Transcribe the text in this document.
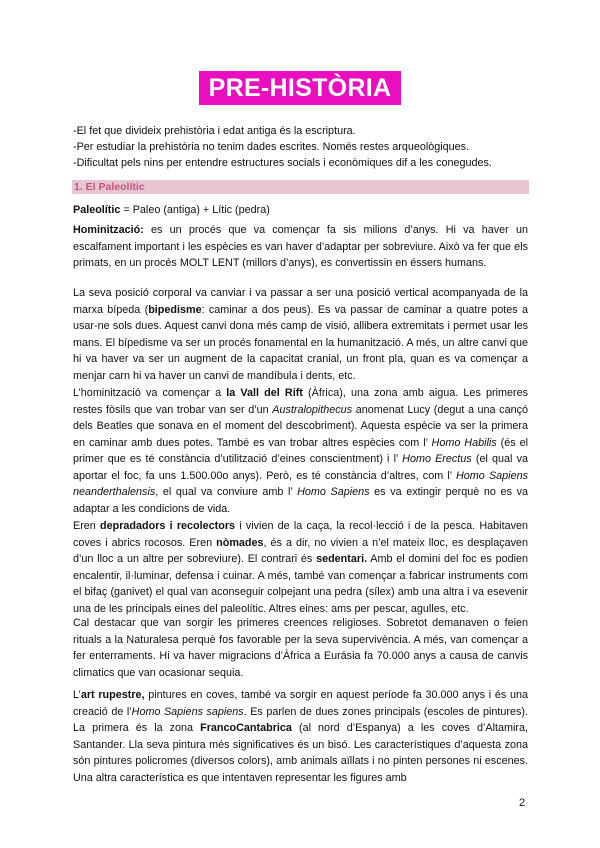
PRE-HISTÒRIA
-El fet que divideix prehistòria i edat antiga és la escriptura.
-Per estudiar la prehistòria no tenim dades escrites. Només restes arqueològiques.
-Dificultat pels nins per entendre estructures socials i econòmiques dif a les conegudes.
1. El Paleolític

Paleolític = Paleo (antiga) + Lític (pedra)

Hominització: es un procés que va començar fa sis milions d’anys. Hi va haver un escalfament important i les espècies es van haver d’adaptar per sobreviure. Això va fer que els primats, en un procés MOLT LENT (millors d’anys), es convertissin en éssers humans.

La seva posició corporal va canviar i va passar a ser una posició vertical acompanyada de la marxa bípeda (bipedisme: caminar a dos peus). Es va passar de caminar a quatre potes a usar-ne sols dues. Aquest canvi dona més camp de visió, allibera extremitats i permet usar les mans. El bípedisme va ser un procés fonamental en la humanització. A més, un altre canvi que hi va haver va ser un augment de la capacitat cranial, un front pla, quan es va començar a menjar carn hi va haver un canvi de mandíbula i dents, etc.

L’hominització va començar a la Vall del Rift (Àfrica), una zona amb aigua. Les primeres restes fòsils que van trobar van ser d’un Australopithecus anomenat Lucy (degut a una cançó dels Beatles que sonava en el moment del descobriment). Aquesta espècie va ser la primera en caminar amb dues potes. També es van trobar altres espècies com l’ Homo Habilis (és el primer que es té constància d’utilització d’eines conscientment) i l’ Homo Erectus (el qual va aportar el foc, fa uns 1.500.00o anys). Però, es té constància d’altres, com l’ Homo Sapiens neanderthalensis, el qual va conviure amb l’ Homo Sapiens es va extingir perquè no es va adaptar a les condicions de vida.

Eren depradadors i recolectors i vivien de la caça, la recol·lecció i de la pesca. Habitaven coves i abrics rocosos. Eren nòmades, és a dir, no vivien a n’el mateix lloc, es desplaçaven d’un lloc a un altre per sobreviure). El contrari és sedentari. Amb el domini del foc es podien encalentir, il·luminar, defensa i cuinar. A més, també van començar a fabricar instruments com el bifaç (ganivet) el qual van aconseguir colpejant una pedra (sílex) amb una altra i va esevenir una de les principals eines del paleolític. Altres eines: ams per pescar, agulles, etc.

Cal destacar que van sorgir les primeres creences religioses. Sobretot demanaven o feien rituals a la Naturalesa perquè fos favorable per la seva supervivència. A més, van començar a fer enterraments. Hi va haver migracions d’Àfrica a Eurásia fa 70.000 anys a causa de canvis climatics que van ocasionar sequia.

L’art rupestre, pintures en coves, també va sorgir en aquest període fa 30.000 anys i és una creació de l’Homo Sapiens sapiens. Es parlen de dues zones principals (escoles de pintures). La primera és la zona FrancoCantabrica (al nord d’Espanya) a les coves d’Altamira, Santander. Lla seva pintura més significatives és un bisó. Les característiques d’aquesta zona són pintures policromes (diversos colors), amb animals aïllats i no pinten persones ni escenes. Una altra característica es que intentaven representar les figures amb

2
